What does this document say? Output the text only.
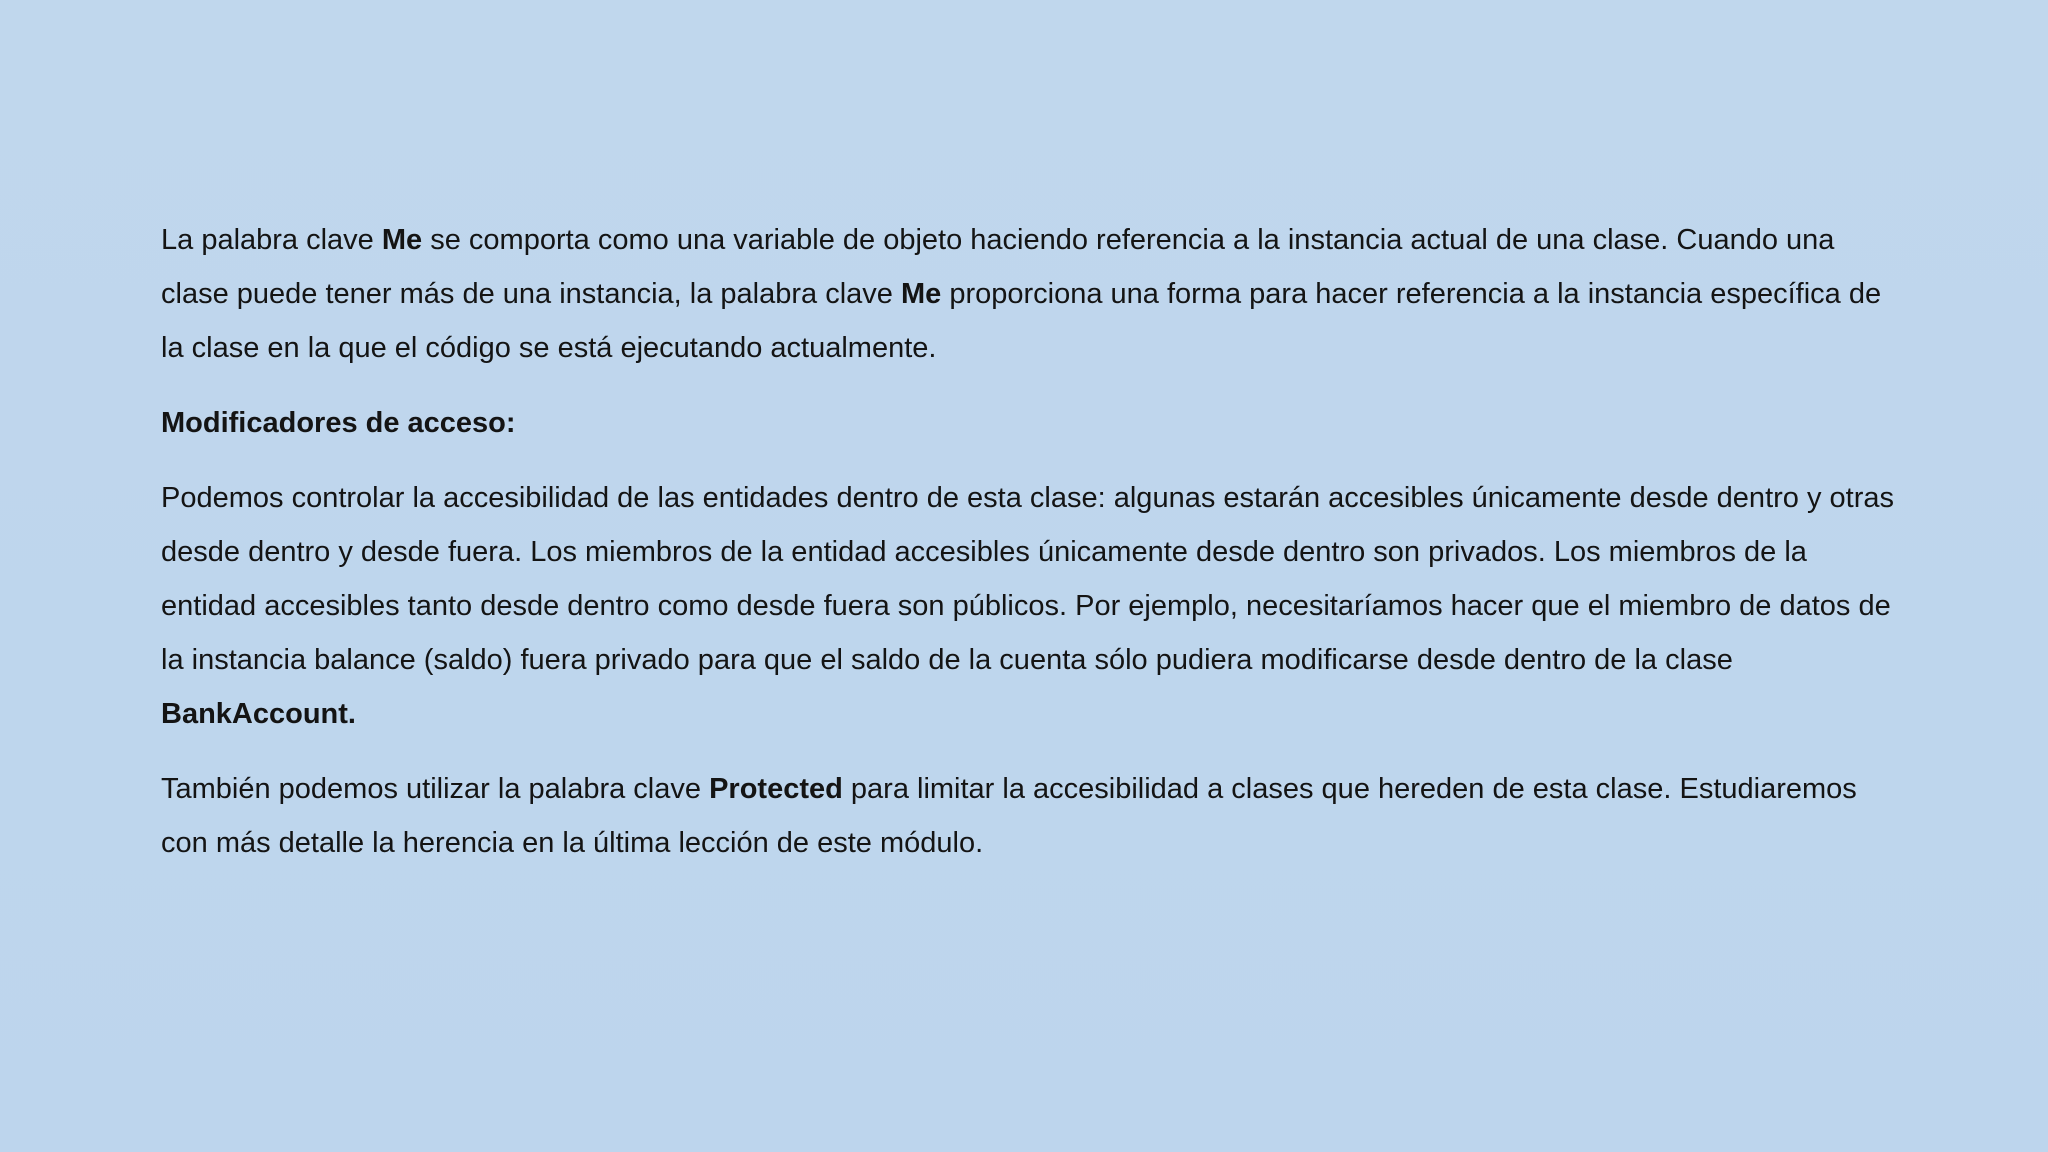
La palabra clave Me se comporta como una variable de objeto haciendo referencia a la instancia actual de una clase. Cuando una clase puede tener más de una instancia, la palabra clave Me proporciona una forma para hacer referencia a la instancia específica de la clase en la que el código se está ejecutando actualmente.

Modificadores de acceso:

Podemos controlar la accesibilidad de las entidades dentro de esta clase: algunas estarán accesibles únicamente desde dentro y otras desde dentro y desde fuera. Los miembros de la entidad accesibles únicamente desde dentro son privados. Los miembros de la entidad accesibles tanto desde dentro como desde fuera son públicos. Por ejemplo, necesitaríamos hacer que el miembro de datos de la instancia balance (saldo) fuera privado para que el saldo de la cuenta sólo pudiera modificarse desde dentro de la clase BankAccount.

También podemos utilizar la palabra clave Protected para limitar la accesibilidad a clases que hereden de esta clase. Estudiaremos con más detalle la herencia en la última lección de este módulo.
